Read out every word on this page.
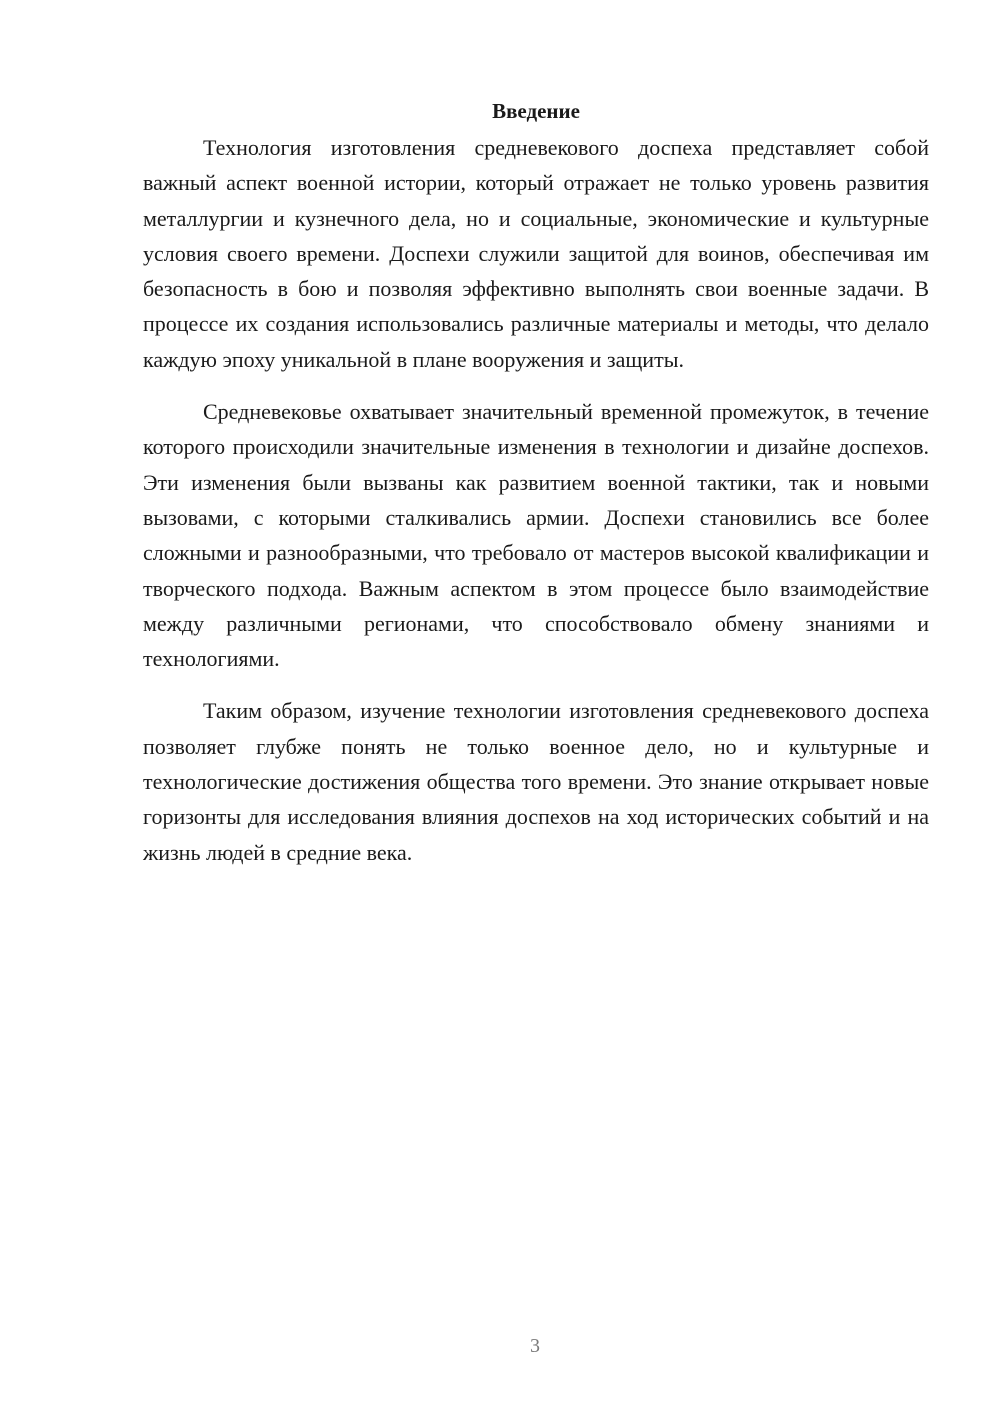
Введение

Технология изготовления средневекового доспеха представляет собой важный аспект военной истории, который отражает не только уровень развития металлургии и кузнечного дела, но и социальные, экономические и культурные условия своего времени. Доспехи служили защитой для воинов, обеспечивая им безопасность в бою и позволяя эффективно выполнять свои военные задачи. В процессе их создания использовались различные материалы и методы, что делало каждую эпоху уникальной в плане вооружения и защиты.

Средневековье охватывает значительный временной промежуток, в течение которого происходили значительные изменения в технологии и дизайне доспехов. Эти изменения были вызваны как развитием военной тактики, так и новыми вызовами, с которыми сталкивались армии. Доспехи становились все более сложными и разнообразными, что требовало от мастеров высокой квалификации и творческого подхода. Важным аспектом в этом процессе было взаимодействие между различными регионами, что способствовало обмену знаниями и технологиями.

Таким образом, изучение технологии изготовления средневекового доспеха позволяет глубже понять не только военное дело, но и культурные и технологические достижения общества того времени. Это знание открывает новые горизонты для исследования влияния доспехов на ход исторических событий и на жизнь людей в средние века.

3
